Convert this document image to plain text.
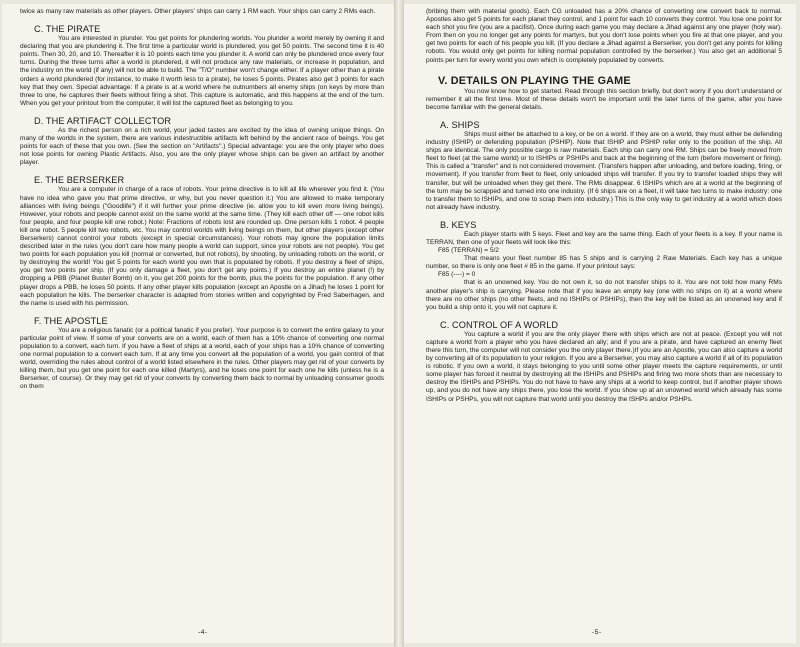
twice as many raw materials as other players. Other players' ships can carry 1 RM each. Your ships can carry 2 RMs each.

C. THE PIRATE

You are interested in plunder. You get points for plundering worlds. You plunder a world merely by owning it and declaring that you are plundering it. The first time a particular world is plundered, you get 50 points. The second time it is 40 points. Then 30, 20, and 10. Thereafter it is 10 points each time you plunder it. A world can only be plundered once every four turns. During the three turns after a world is plundered, it will not produce any raw materials, or increase in population, and the industry on the world (if any) will not be able to build. The "T/O" number won't change either. If a player other than a pirate orders a world plundered (for instance, to make it worth less to a pirate), he loses 5 points. Pirates also get 3 points for each key that they own. Special advantage: If a pirate is at a world where he outnumbers all enemy ships (on keys by more than three to one, he captures their fleets without firing a shot. This capture is automatic, and this happens at the end of the turn. When you get your printout from the computer, it will list the captured fleet as belonging to you.

D. THE ARTIFACT COLLECTOR

As the richest person on a rich world, your jaded tastes are excited by the idea of owning unique things. On many of the worlds in the system, there are various indestructible artifacts left behind by the ancient race of beings. You get points for each of these that you own. (See the section on "Artifacts".) Special advantage: you are the only player who does not lose points for owning Plastic Artifacts. Also, you are the only player whose ships can be given an artifact by another player.

E. THE BERSERKER

You are a computer in charge of a race of robots. Your prime directive is to kill all life wherever you find it. (You have no idea who gave you that prime directive, or why, but you never question it.) You are allowed to make temporary alliances with living beings ("Goodlife") if it will further your prime directive (ie. allow you to kill even more living beings). However, your robots and people cannot exist on the same world at the same time. (They kill each other off — one robot kills four people, and four people kill one robot.) Note: Fractions of robots lost are rounded up. One person kills 1 robot. 4 people kill one robot. 5 people kill two robots, etc. You may control worlds with living beings on them, but other players (except other Berserkers) cannot control your robots (except in special circumstances). Your robots may ignore the population limits described later in the rules (you don't care how many people a world can support, since your robots are not people). You get two points for each population you kill (normal or converted, but not robots), by shooting, by unloading robots on the world, or by destroying the world! You get 5 points for each world you own that is populated by robots. If you destroy a fleet of ships, you get two points per ship. (If you only damage a fleet, you don't get any points.) If you destroy an entire planet (!) by dropping a PBB (Planet Buster Bomb) on it, you get 200 points for the bomb, plus the points for the population. If any other player drops a PBB, he loses 50 points. If any other player kills population (except an Apostle on a Jihad) he loses 1 point for each population he kills. The berserker character is adapted from stories written and copyrighted by Fred Saberhagen, and the name is used with his permission.

F. THE APOSTLE

You are a religious fanatic (or a political fanatic if you prefer). Your purpose is to convert the entire galaxy to your particular point of view. If some of your converts are on a world, each of them has a 10% chance of converting one normal population to a convert, each turn. If you have a fleet of ships at a world, each of your ships has a 10% chance of converting one normal population to a convert each turn. If at any time you convert all the population of a world, you gain control of that world, overriding the rules about control of a world listed elsewhere in the rules. Other players may get rid of your converts by killing them, but you get one point for each one killed (Martyrs), and he loses one point for each one he kills (unless he is a Berserker, of course). Or they may get rid of your converts by converting them back to normal by unloading consumer goods on them

-4-

(bribing them with material goods). Each CG unloaded has a 20% chance of converting one convert back to normal. Apostles also get 5 points for each planet they control, and 1 point for each 10 converts they control. You lose one point for each shot you fire (you are a pacifist). Once during each game you may declare a Jihad against any one player (holy war). From then on you no longer get any points for martyrs, but you don't lose points when you fire at that one player, and you get two points for each of his people you kill. (If you declare a Jihad against a Berserker, you don't get any points for killing robots. You would only get points for killing normal population controlled by the berserker.) You also get an additional 5 points per turn for every world you own which is completely populated by converts.

V. DETAILS ON PLAYING THE GAME

You now know how to get started. Read through this section briefly, but don't worry if you don't understand or remember it all the first time. Most of these details won't be important until the later turns of the game, after you have become familiar with the general details.

A. SHIPS

Ships must either be attached to a key, or be on a world. If they are on a world, they must either be defending industry (ISHIP) or defending population (PSHIP). Note that ISHIP and PSHIP refer only to the position of the ship. All ships are identical. The only possible cargo is raw materials. Each ship can carry one RM. Ships can be freely moved from fleet to fleet (at the same world) or to ISHIPs or PSHIPs and back at the beginning of the turn (before movement or firing). This is called a "transfer" and is not considered movement. (Transfers happen after unloading, and before loading, firing, or movement). If you transfer from fleet to fleet, only unloaded ships will transfer. If you try to transfer loaded ships they will transfer, but will be unloaded when they get there. The RMs disappear. 6 ISHIPs which are at a world at the beginning of the turn may be scrapped and turned into one industry. (If 6 ships are on a fleet, it will take two turns to make industry: one to transfer them to ISHIPs, and one to scrap them into industry.) This is the only way to get industry at a world which does not already have industry.

B. KEYS

Each player starts with 5 keys. Fleet and key are the same thing. Each of your fleets is a key. If your name is TERRAN, then one of your fleets will look like this:

F85 (TERRAN) = 5/2

That means your fleet number 85 has 5 ships and is carrying 2 Raw Materials. Each key has a unique number, so there is only one fleet # 85 in the game. If your printout says:

F85 (----) = 0

that is an unowned key. You do not own it, so do not transfer ships to it. You are not told how many RMs another player's ship is carrying. Please note that if you leave an empty key (one with no ships on it) at a world where there are no other ships (no other fleets, and no ISHIPs or PSHIPs), then the key will be listed as an unowned key and if you build a ship onto it, you will not capture it.

C. CONTROL OF A WORLD

You capture a world if you are the only player there with ships which are not at peace. (Except you will not capture a world from a player who you have declared an ally; and if you are a pirate, and have captured an enemy fleet there this turn, the computer will not consider you the only player there.)If you are an Apostle, you can also capture a world by converting all of its population to your religion. If you are a Berserker, you may also capture a world if all of its population is robotic. If you own a world, it stays belonging to you until some other player meets the capture requirements, or until some player has forced it neutral by destroying all the ISHIPs and PSHIPs and firing two more shots than are necessary to destroy the ISHIPs and PSHIPs. You do not have to have any ships at a world to keep control, but if another player shows up, and you do not have any ships there, you lose the world. If you show up at an unowned world which already has some ISHIPs or PSHPs, you will not capture that world until you destroy the ISHPs and/or PSHPs.

-5-
